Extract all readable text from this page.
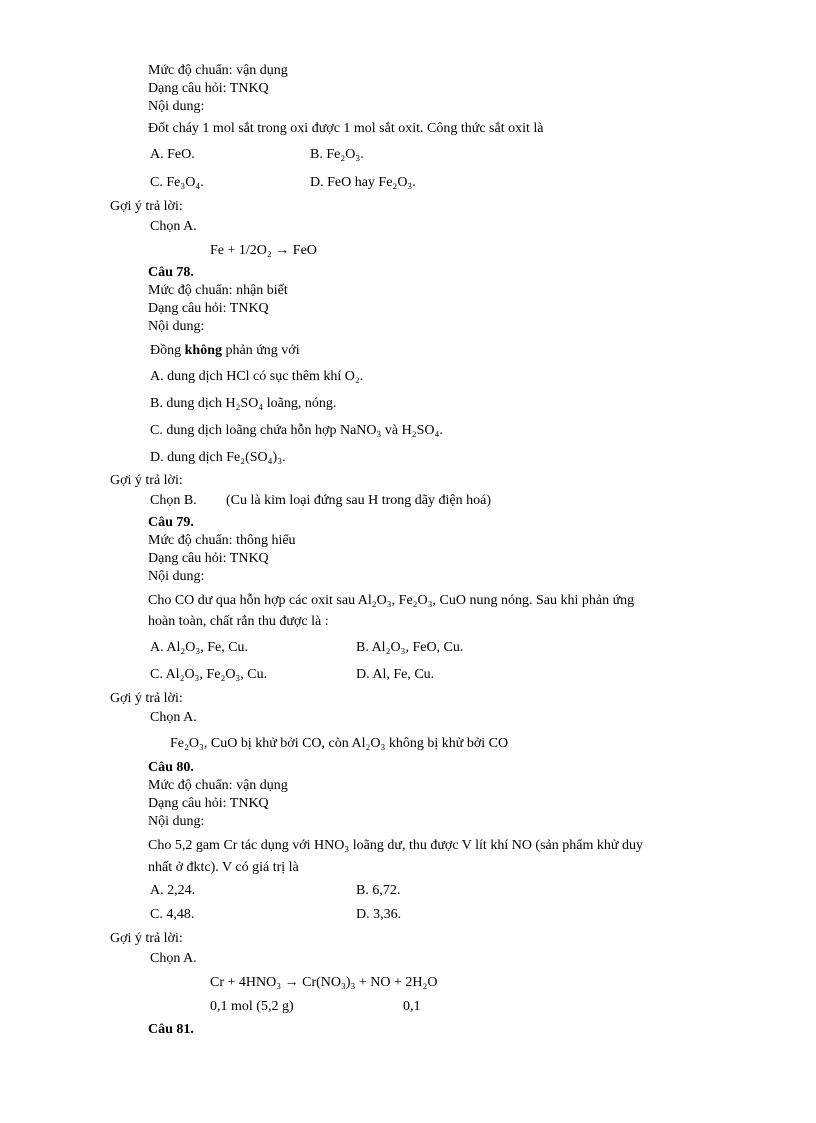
Mức độ chuẩn: vận dụng
Dạng câu hỏi: TNKQ
Nội dung:
Đốt cháy 1 mol sắt trong oxi được 1 mol sắt oxit. Công thức sắt oxit là
A. FeO.	B. Fe₂O₃.
C. Fe₃O₄.	D. FeO hay Fe₂O₃.
Gợi ý trả lời:
Chọn A.
Fe + 1/2O₂ → FeO
Câu 78.
Mức độ chuẩn: nhận biết
Dạng câu hỏi: TNKQ
Nội dung:
Đồng không phản ứng với
A. dung dịch HCl có sục thêm khí O₂.
B. dung dịch H₂SO₄ loãng, nóng.
C. dung dịch loãng chứa hỗn hợp NaNO₃ và H₂SO₄.
D. dung dịch Fe₂(SO₄)₃.
Gợi ý trả lời:
Chọn B. (Cu là kim loại đứng sau H trong dãy điện hoá)
Câu 79.
Mức độ chuẩn: thông hiểu
Dạng câu hỏi: TNKQ
Nội dung:
Cho CO dư qua hỗn hợp các oxit sau Al₂O₃, Fe₂O₃, CuO nung nóng. Sau khi phản ứng
hoàn toàn, chất rắn thu được là :
A. Al₂O₃, Fe, Cu.	B. Al₂O₃, FeO, Cu.
C. Al₂O₃, Fe₂O₃, Cu.	D. Al, Fe, Cu.
Gợi ý trả lời:
Chọn A.
Fe₂O₃, CuO bị khử bởi CO, còn Al₂O₃ không bị khử bởi CO
Câu 80.
Mức độ chuẩn: vận dụng
Dạng câu hỏi: TNKQ
Nội dung:
Cho 5,2 gam Cr tác dụng với HNO₃ loãng dư, thu được V lít khí NO (sản phẩm khử duy
nhất ở đktc). V có giá trị là
A. 2,24.	B. 6,72.
C. 4,48.	D. 3,36.
Gợi ý trả lời:
Chọn A.
Cr + 4HNO₃ → Cr(NO₃)₃ + NO + 2H₂O
0,1 mol (5,2 g)	0,1
Câu 81.
